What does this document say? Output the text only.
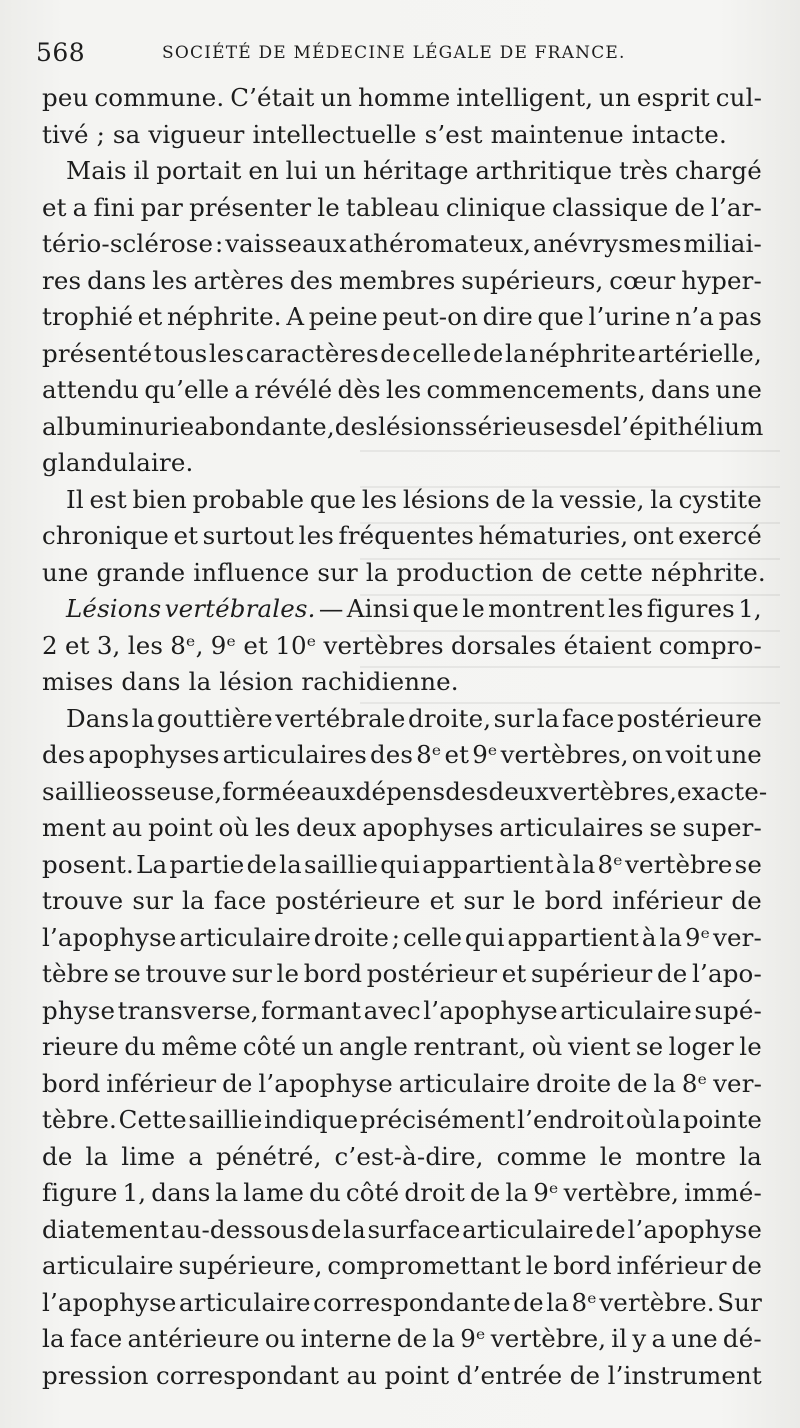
568	SOCIÉTÉ DE MÉDECINE LÉGALE DE FRANCE.
peu commune. C’était un homme intelligent, un esprit cul-
tivé ; sa vigueur intellectuelle s’est maintenue intacte.
Mais il portait en lui un héritage arthritique très chargé
et a fini par présenter le tableau clinique classique de l’ar-
tério-sclérose : vaisseaux athéromateux, anévrysmes miliai-
res dans les artères des membres supérieurs, cœur hyper-
trophié et néphrite. A peine peut-on dire que l’urine n’a pas
présenté tous les caractères de celle de la néphrite artérielle,
attendu qu’elle a révélé dès les commencements, dans une
albuminurie abondante, des lésions sérieuses de l’épithélium
glandulaire.
Il est bien probable que les lésions de la vessie, la cystite
chronique et surtout les fréquentes hématuries, ont exercé
une grande influence sur la production de cette néphrite.
Lésions vertébrales. — Ainsi que le montrent les figures 1,
2 et 3, les 8ᵉ, 9ᵉ et 10ᵉ vertèbres dorsales étaient compro-
mises dans la lésion rachidienne.
Dans la gouttière vertébrale droite, sur la face postérieure
des apophyses articulaires des 8ᵉ et 9ᵉ vertèbres, on voit une
saillie osseuse, formée aux dépens des deux vertèbres, exacte-
ment au point où les deux apophyses articulaires se super-
posent. La partie de la saillie qui appartient à la 8ᵉ vertèbre se
trouve sur la face postérieure et sur le bord inférieur de
l’apophyse articulaire droite ; celle qui appartient à la 9ᵉ ver-
tèbre se trouve sur le bord postérieur et supérieur de l’apo-
physe transverse, formant avec l’apophyse articulaire supé-
rieure du même côté un angle rentrant, où vient se loger le
bord inférieur de l’apophyse articulaire droite de la 8ᵉ ver-
tèbre. Cette saillie indique précisément l’endroit où la pointe
de la lime a pénétré, c’est-à-dire, comme le montre la
figure 1, dans la lame du côté droit de la 9ᵉ vertèbre, immé-
diatement au-dessous de la surface articulaire de l’apophyse
articulaire supérieure, compromettant le bord inférieur de
l’apophyse articulaire correspondante de la 8ᵉ vertèbre. Sur
la face antérieure ou interne de la 9ᵉ vertèbre, il y a une dé-
pression correspondant au point d’entrée de l’instrument
